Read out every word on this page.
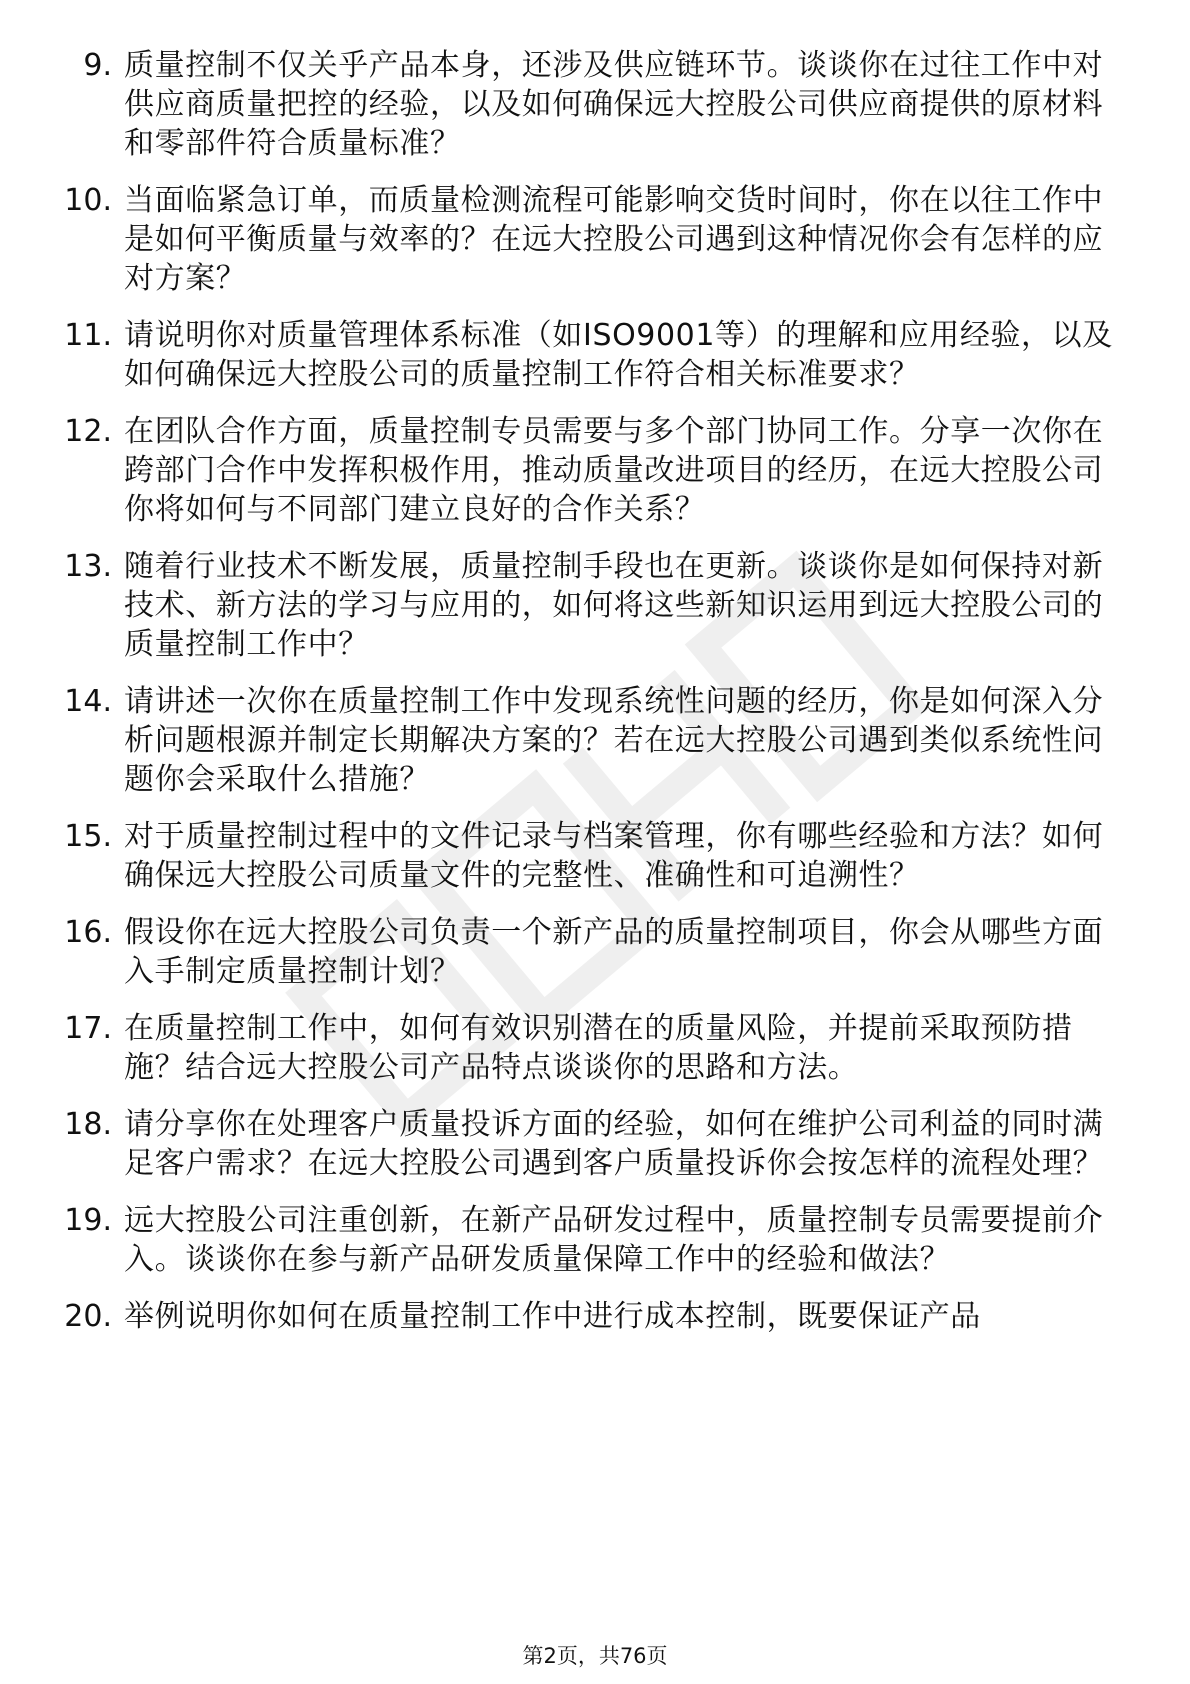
9. 质量控制不仅关乎产品本身，还涉及供应链环节。谈谈你在过往工作中对供应商质量把控的经验，以及如何确保远大控股公司供应商提供的原材料和零部件符合质量标准？
10. 当面临紧急订单，而质量检测流程可能影响交货时间时，你在以往工作中是如何平衡质量与效率的？在远大控股公司遇到这种情况你会有怎样的应对方案？
11. 请说明你对质量管理体系标准（如ISO9001等）的理解和应用经验，以及如何确保远大控股公司的质量控制工作符合相关标准要求？
12. 在团队合作方面，质量控制专员需要与多个部门协同工作。分享一次你在跨部门合作中发挥积极作用，推动质量改进项目的经历，在远大控股公司你将如何与不同部门建立良好的合作关系？
13. 随着行业技术不断发展，质量控制手段也在更新。谈谈你是如何保持对新技术、新方法的学习与应用的，如何将这些新知识运用到远大控股公司的质量控制工作中？
14. 请讲述一次你在质量控制工作中发现系统性问题的经历，你是如何深入分析问题根源并制定长期解决方案的？若在远大控股公司遇到类似系统性问题你会采取什么措施？
15. 对于质量控制过程中的文件记录与档案管理，你有哪些经验和方法？如何确保远大控股公司质量文件的完整性、准确性和可追溯性？
16. 假设你在远大控股公司负责一个新产品的质量控制项目，你会从哪些方面入手制定质量控制计划？
17. 在质量控制工作中，如何有效识别潜在的质量风险，并提前采取预防措施？结合远大控股公司产品特点谈谈你的思路和方法。
18. 请分享你在处理客户质量投诉方面的经验，如何在维护公司利益的同时满足客户需求？在远大控股公司遇到客户质量投诉你会按怎样的流程处理？
19. 远大控股公司注重创新，在新产品研发过程中，质量控制专员需要提前介入。谈谈你在参与新产品研发质量保障工作中的经验和做法？
20. 举例说明你如何在质量控制工作中进行成本控制，既要保证产品
第2页，共76页
